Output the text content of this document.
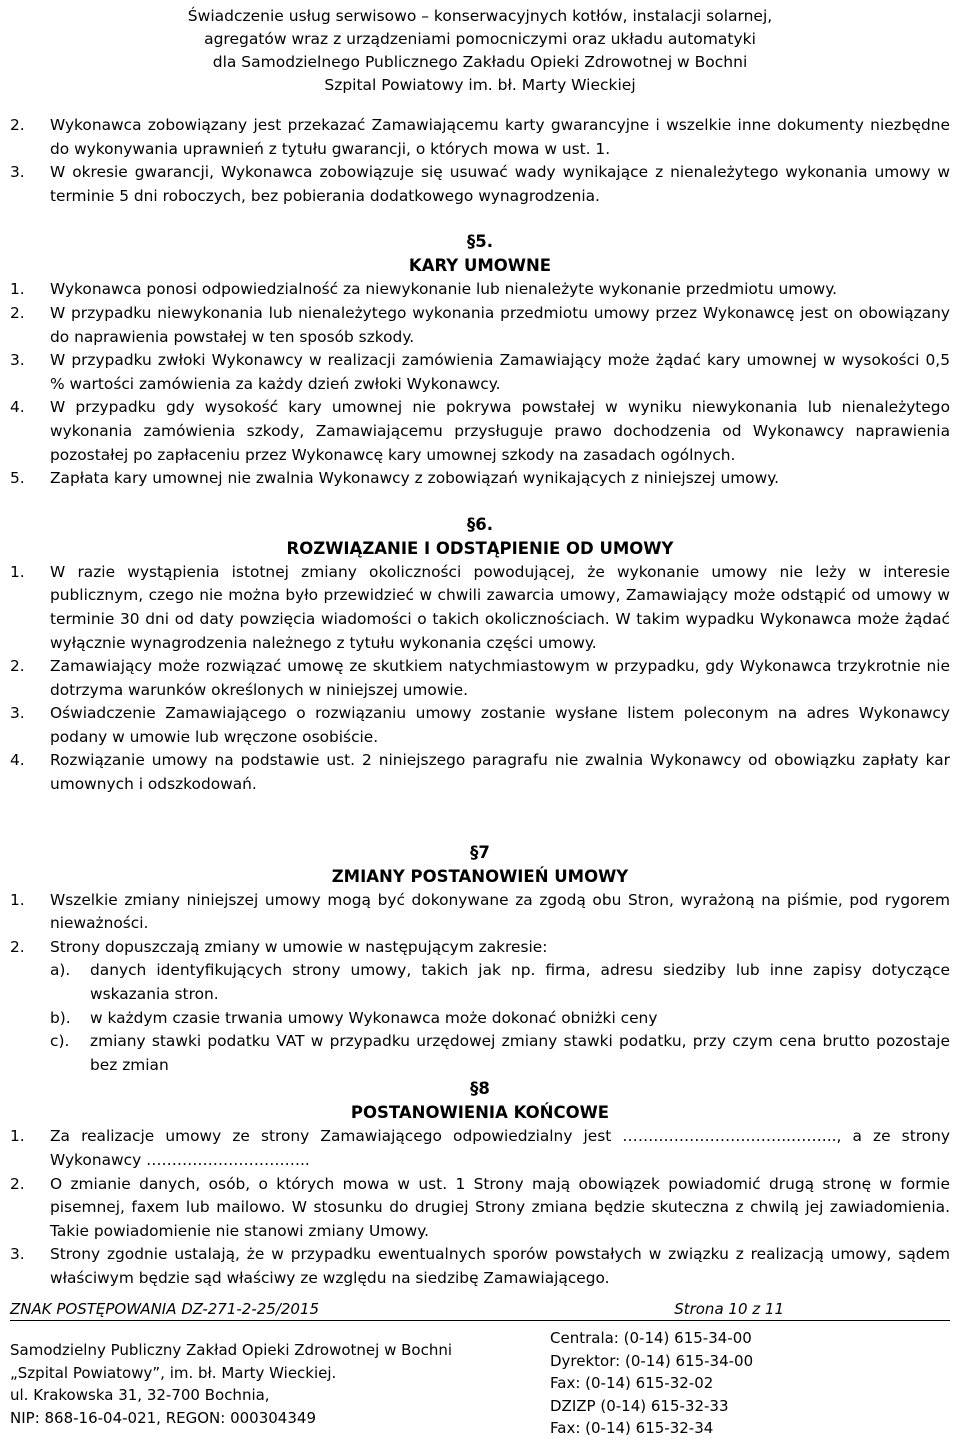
Świadczenie usług serwisowo – konserwacyjnych kotłów, instalacji solarnej,
agregatów wraz z urządzeniami pomocniczymi oraz układu automatyki
dla Samodzielnego Publicznego Zakładu Opieki Zdrowotnej w Bochni
Szpital Powiatowy im. bł. Marty Wieckiej
2.	Wykonawca zobowiązany jest przekazać Zamawiającemu karty gwarancyjne i wszelkie inne dokumenty niezbędne do wykonywania uprawnień z tytułu gwarancji, o których mowa w ust. 1.
3.	W okresie gwarancji, Wykonawca zobowiązuje się usuwać wady wynikające z nienależytego wykonania umowy w terminie 5 dni roboczych, bez pobierania dodatkowego wynagrodzenia.
§5.
KARY UMOWNE
1.	Wykonawca ponosi odpowiedzialność za niewykonanie lub nienależyte wykonanie przedmiotu umowy.
2.	W przypadku niewykonania lub nienależytego wykonania przedmiotu umowy przez Wykonawcę jest on obowiązany do naprawienia powstałej w ten sposób szkody.
3.	W przypadku zwłoki Wykonawcy w realizacji zamówienia Zamawiający może żądać kary umownej w wysokości 0,5 % wartości zamówienia za każdy dzień zwłoki Wykonawcy.
4.	W przypadku gdy wysokość kary umownej nie pokrywa powstałej w wyniku niewykonania lub nienależytego wykonania zamówienia szkody, Zamawiającemu przysługuje prawo dochodzenia od Wykonawcy naprawienia pozostałej po zapłaceniu przez Wykonawcę kary umownej szkody na zasadach ogólnych.
5.	Zapłata kary umownej nie zwalnia Wykonawcy z zobowiązań wynikających z niniejszej umowy.
§6.
ROZWIĄZANIE I ODSTĄPIENIE OD UMOWY
1.	W razie wystąpienia istotnej zmiany okoliczności powodującej, że wykonanie umowy nie leży w interesie publicznym, czego nie można było przewidzieć w chwili zawarcia umowy, Zamawiający może odstąpić od umowy w terminie 30 dni od daty powzięcia wiadomości o takich okolicznościach. W takim wypadku Wykonawca może żądać wyłącznie wynagrodzenia należnego z tytułu wykonania części umowy.
2.	Zamawiający może rozwiązać umowę ze skutkiem natychmiastowym w przypadku, gdy Wykonawca trzykrotnie nie dotrzyma warunków określonych w niniejszej umowie.
3.	Oświadczenie Zamawiającego o rozwiązaniu umowy zostanie wysłane listem poleconym na adres Wykonawcy podany w umowie lub wręczone osobiście.
4.	Rozwiązanie umowy na podstawie ust. 2 niniejszego paragrafu nie zwalnia Wykonawcy od obowiązku zapłaty kar umownych i odszkodowań.
§7
ZMIANY POSTANOWIEŃ UMOWY
1.	Wszelkie zmiany niniejszej umowy mogą być dokonywane za zgodą obu Stron, wyrażoną na piśmie, pod rygorem nieważności.
2.	Strony dopuszczają zmiany w umowie w następującym zakresie:
a).	danych identyfikujących strony umowy, takich jak np. firma, adresu siedziby lub inne zapisy dotyczące wskazania stron.
b).	w każdym czasie trwania umowy Wykonawca może dokonać obniżki ceny
c).	zmiany stawki podatku VAT w przypadku urzędowej zmiany stawki podatku, przy czym cena brutto pozostaje bez zmian
§8
POSTANOWIENIA KOŃCOWE
1.	Za realizacje umowy ze strony Zamawiającego odpowiedzialny jest …………………….……..……..., a ze strony Wykonawcy …………………………..
2.	O zmianie danych, osób, o których mowa w ust. 1 Strony mają obowiązek powiadomić drugą stronę w formie pisemnej, faxem lub mailowo. W stosunku do drugiej Strony zmiana będzie skuteczna z chwilą jej zawiadomienia. Takie powiadomienie nie stanowi zmiany Umowy.
3.	Strony zgodnie ustalają, że w przypadku ewentualnych sporów powstałych w związku z realizacją umowy, sądem właściwym będzie sąd właściwy ze względu na siedzibę Zamawiającego.
ZNAK POSTĘPOWANIA DZ-271-2-25/2015	Strona 10 z 11
Samodzielny Publiczny Zakład Opieki Zdrowotnej w Bochni
„Szpital Powiatowy”, im. bł. Marty Wieckiej.
ul. Krakowska 31, 32-700 Bochnia,
NIP: 868-16-04-021, REGON: 000304349
Centrala: (0-14) 615-34-00
Dyrektor: (0-14) 615-34-00
Fax: (0-14) 615-32-02
DZIZP (0-14) 615-32-33
Fax: (0-14) 615-32-34
